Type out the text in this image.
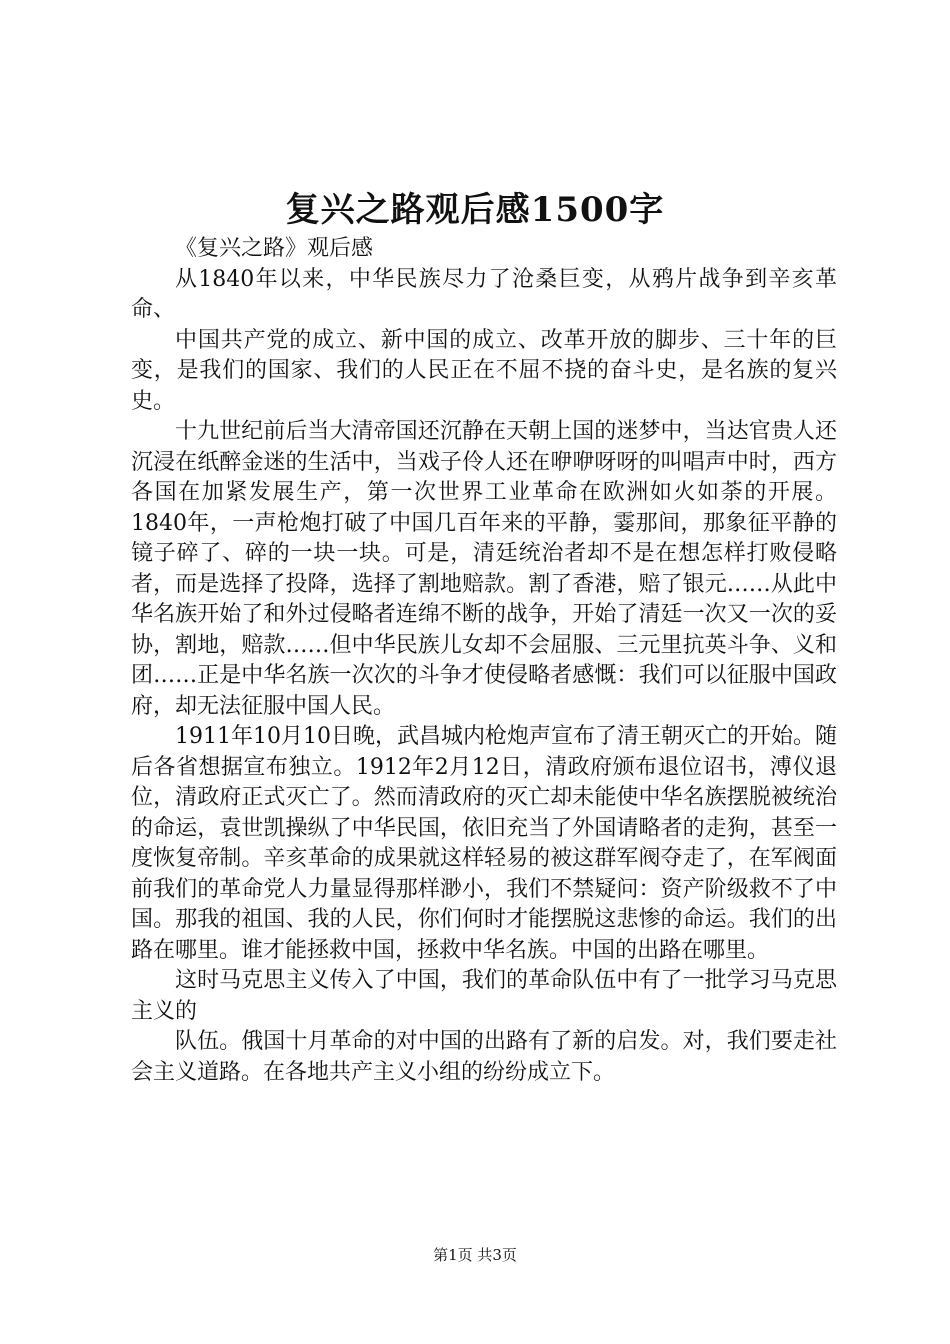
复兴之路观后感1500字

《复兴之路》观后感

从1840年以来，中华民族尽力了沧桑巨变，从鸦片战争到辛亥革命、

中国共产党的成立、新中国的成立、改革开放的脚步、三十年的巨变，是我们的国家、我们的人民正在不屈不挠的奋斗史，是名族的复兴史。

十九世纪前后当大清帝国还沉静在天朝上国的迷梦中，当达官贵人还沉浸在纸醉金迷的生活中，当戏子伶人还在咿咿呀呀的叫唱声中时，西方各国在加紧发展生产，第一次世界工业革命在欧洲如火如荼的开展。1840年，一声枪炮打破了中国几百年来的平静，霎那间，那象征平静的镜子碎了、碎的一块一块。可是，清廷统治者却不是在想怎样打败侵略者，而是选择了投降，选择了割地赔款。割了香港，赔了银元……从此中华名族开始了和外过侵略者连绵不断的战争，开始了清廷一次又一次的妥协，割地，赔款……但中华民族儿女却不会屈服、三元里抗英斗争、义和团……正是中华名族一次次的斗争才使侵略者感慨：我们可以征服中国政府，却无法征服中国人民。

1911年10月10日晚，武昌城内枪炮声宣布了清王朝灭亡的开始。随后各省想据宣布独立。1912年2月12日，清政府颁布退位诏书，溥仪退位，清政府正式灭亡了。然而清政府的灭亡却未能使中华名族摆脱被统治的命运，袁世凯操纵了中华民国，依旧充当了外国请略者的走狗，甚至一度恢复帝制。辛亥革命的成果就这样轻易的被这群军阀夺走了，在军阀面前我们的革命党人力量显得那样渺小，我们不禁疑问：资产阶级救不了中国。那我的祖国、我的人民，你们何时才能摆脱这悲惨的命运。我们的出路在哪里。谁才能拯救中国，拯救中华名族。中国的出路在哪里。

这时马克思主义传入了中国，我们的革命队伍中有了一批学习马克思主义的

队伍。俄国十月革命的对中国的出路有了新的启发。对，我们要走社会主义道路。在各地共产主义小组的纷纷成立下。

第1页 共3页
